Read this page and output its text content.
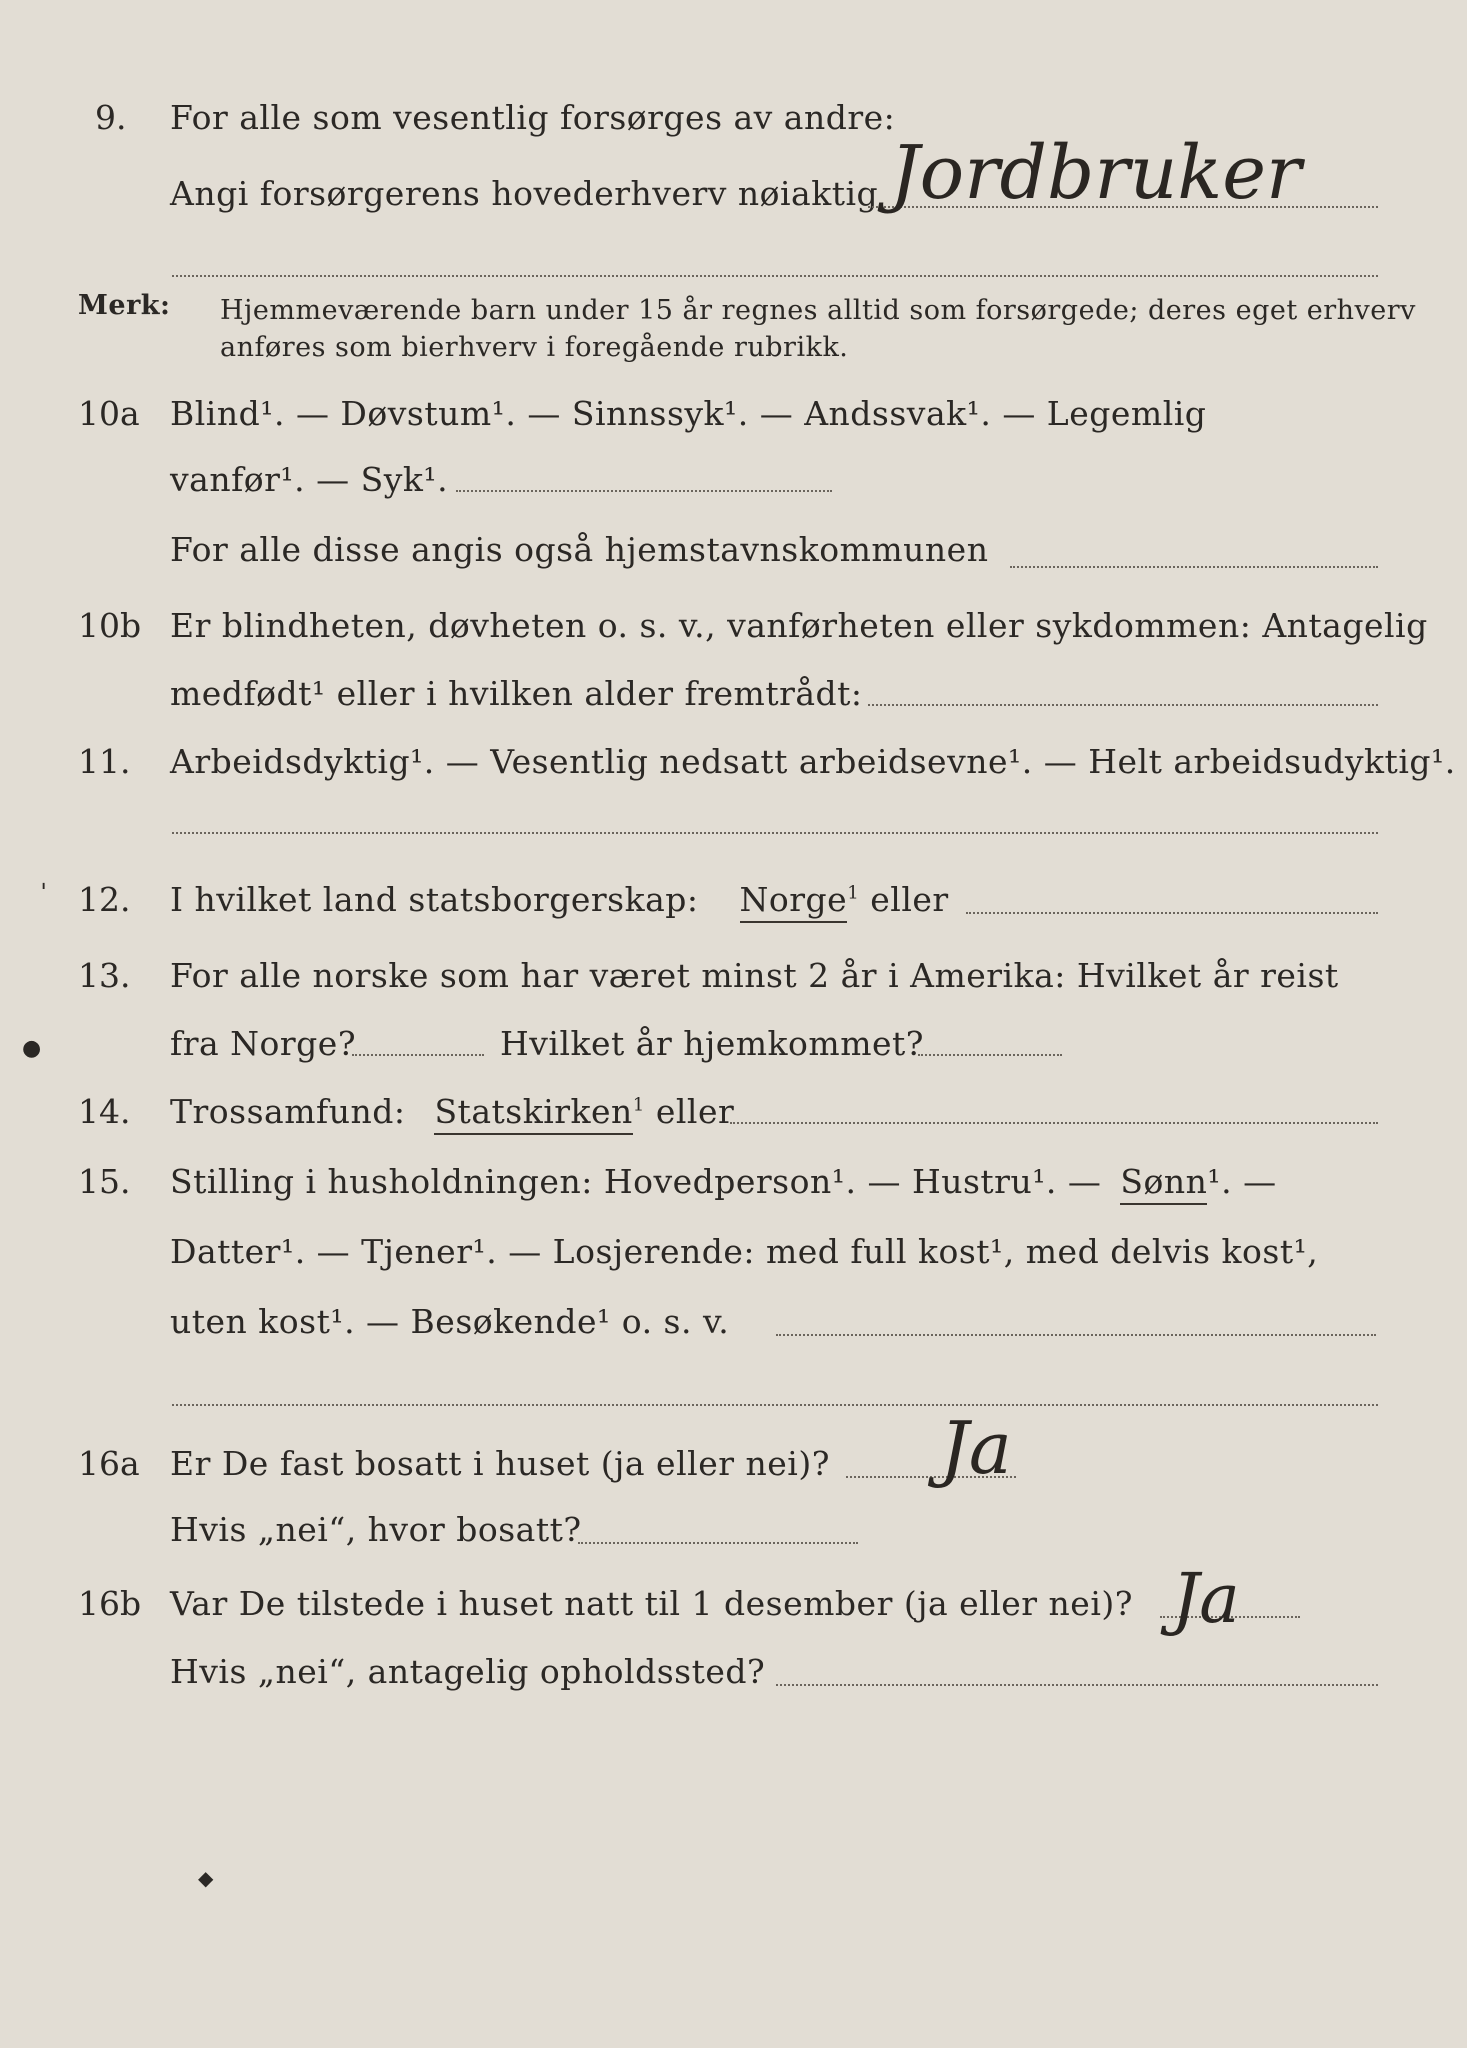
9. For alle som vesentlig forsørges av andre:
Angi forsørgerens hovederhverv nøiaktig Jordbruker
Merk: Hjemmeværende barn under 15 år regnes alltid som forsørgede; deres eget erhverv
anføres som bierhverv i foregående rubrikk.
10a Blind¹. — Døvstum¹. — Sinnssyk¹. — Andssvak¹. — Legemlig
vanfør¹. — Syk¹.
For alle disse angis også hjemstavnskommunen
10b Er blindheten, døvheten o. s. v., vanførheten eller sykdommen: Antagelig
medfødt¹ eller i hvilken alder fremtrådt:
11. Arbeidsdyktig¹. — Vesentlig nedsatt arbeidsevne¹. — Helt arbeidsudyktig¹.
ˈ 12. I hvilket land statsborgerskap: Norge$^1$ eller
13. For alle norske som har været minst 2 år i Amerika: Hvilket år reist
fra Norge?	Hvilket år hjemkommet?
14. Trossamfund: Statskirken$^1$ eller
15. Stilling i husholdningen: Hovedperson¹. — Hustru¹. — Sønn¹. —
Datter¹. — Tjener¹. — Losjerende: med full kost¹, med delvis kost¹,
uten kost¹. — Besøkende¹ o. s. v.
16a Er De fast bosatt i huset (ja eller nei)? Ja
Hvis „nei“, hvor bosatt?
16b Var De tilstede i huset natt til 1 desember (ja eller nei)? Ja
Hvis „nei“, antagelig opholdssted?
◆
●
